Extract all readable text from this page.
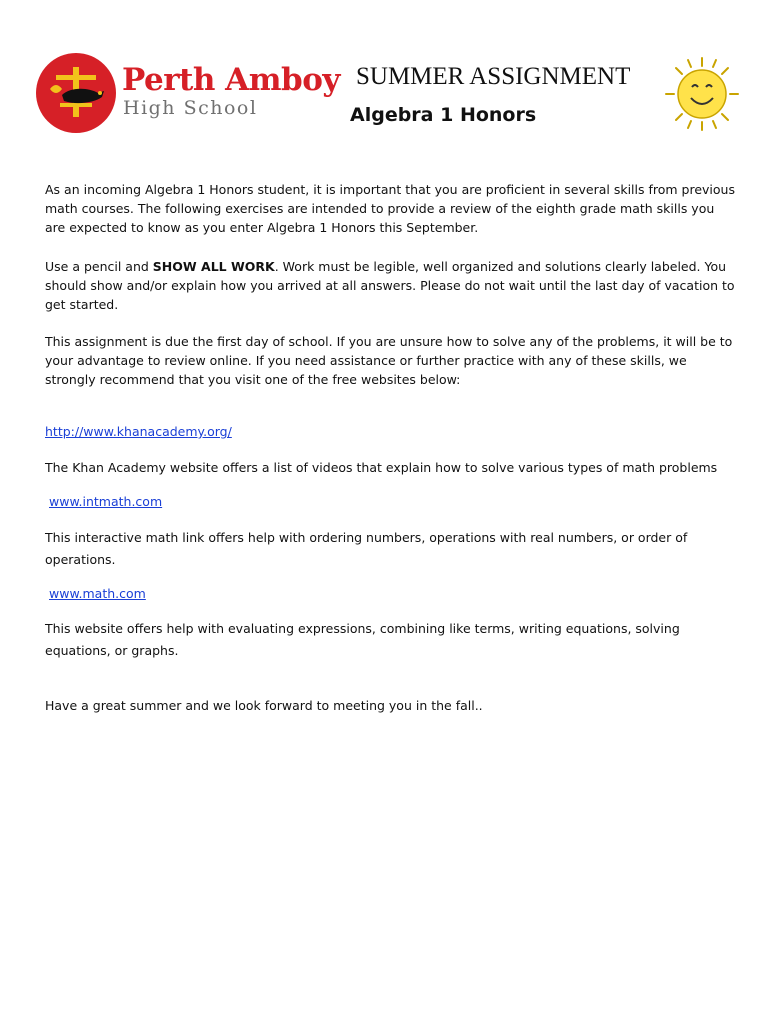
Perth Amboy
High School
SUMMER ASSIGNMENT
Algebra 1 Honors

As an incoming Algebra 1 Honors student, it is important that you are proficient in several skills from previous math courses. The following exercises are intended to provide a review of the eighth grade math skills you are expected to know as you enter Algebra 1 Honors this September.

Use a pencil and SHOW ALL WORK. Work must be legible, well organized and solutions clearly labeled. You should show and/or explain how you arrived at all answers. Please do not wait until the last day of vacation to get started.

This assignment is due the first day of school. If you are unsure how to solve any of the problems, it will be to your advantage to review online. If you need assistance or further practice with any of these skills, we strongly recommend that you visit one of the free websites below:

http://www.khanacademy.org/

The Khan Academy website offers a list of videos that explain how to solve various types of math problems

www.intmath.com

This interactive math link offers help with ordering numbers, operations with real numbers, or order of operations.

www.math.com

This website offers help with evaluating expressions, combining like terms, writing equations, solving equations, or graphs.

Have a great summer and we look forward to meeting you in the fall..
